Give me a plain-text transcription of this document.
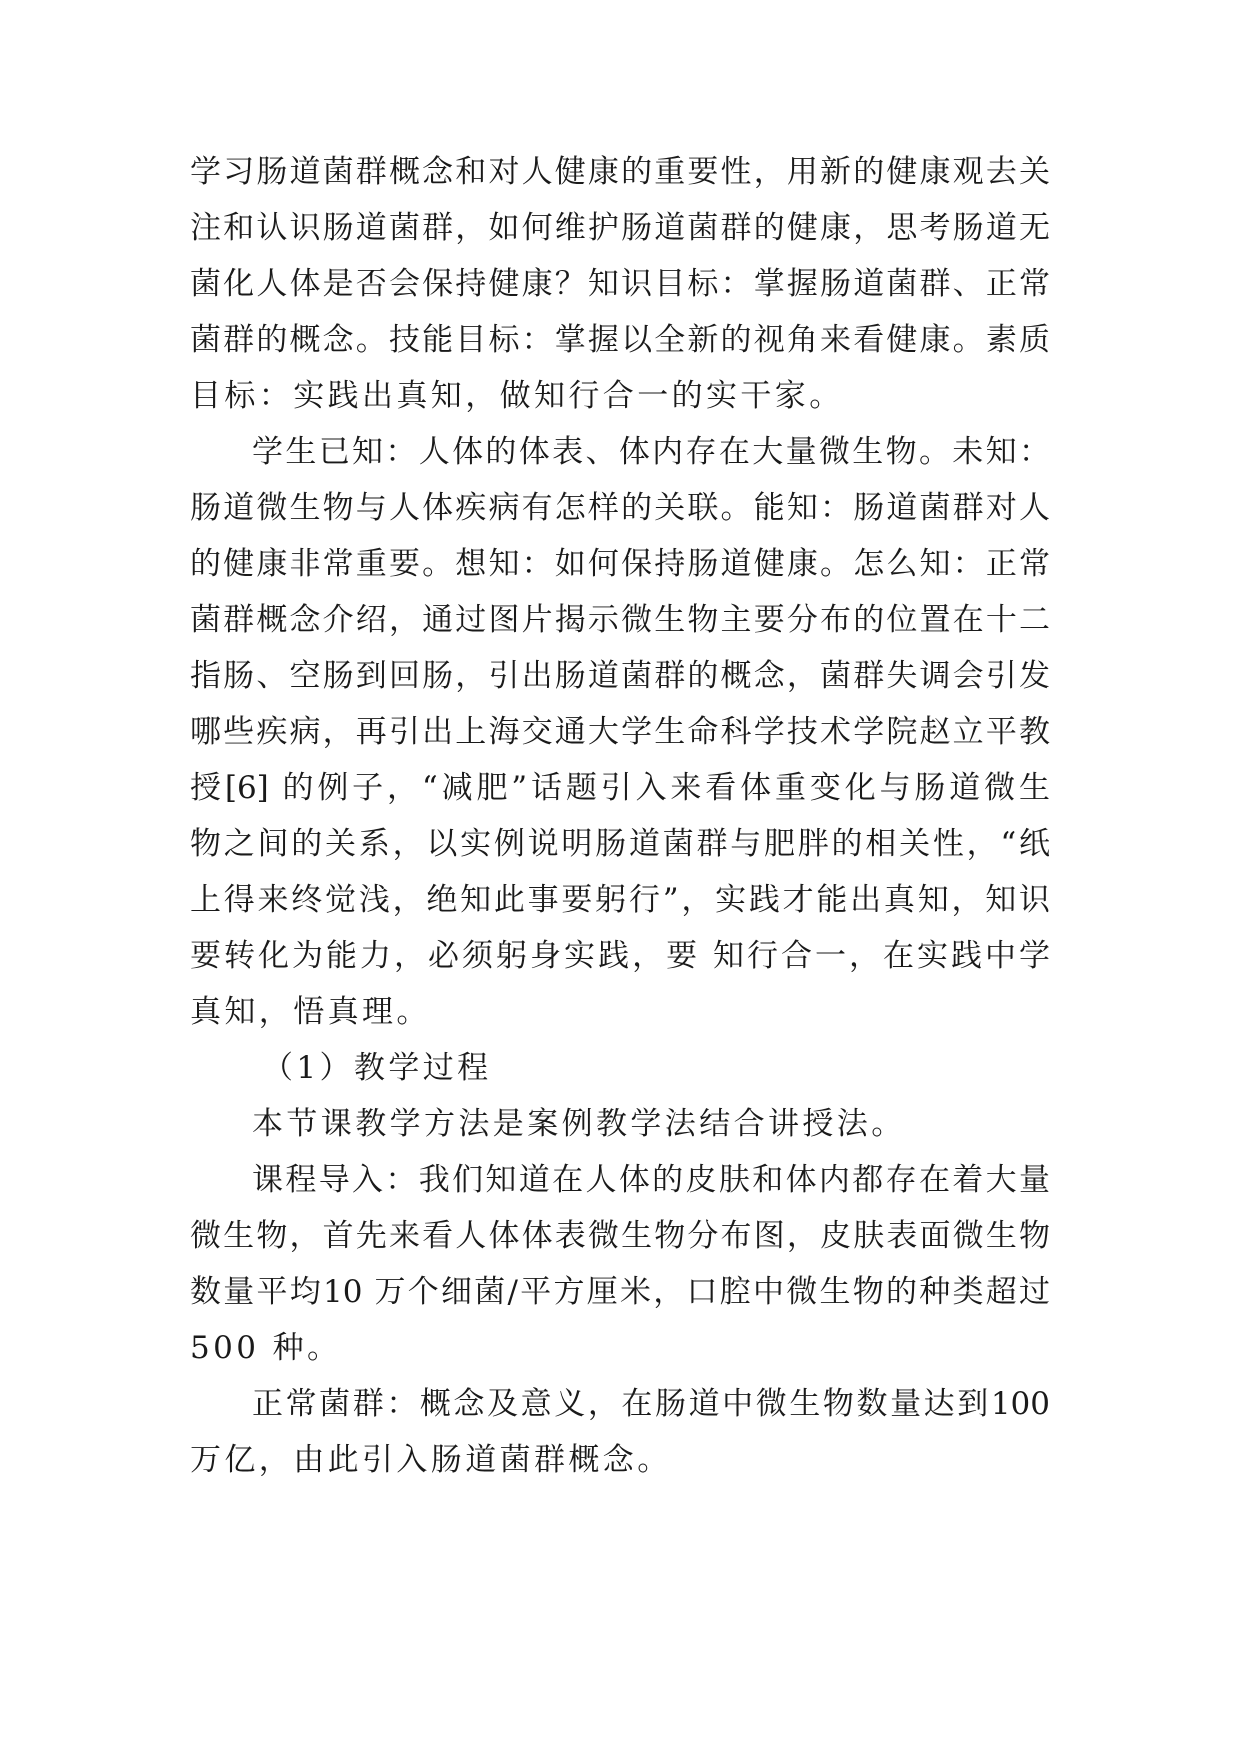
学习肠道菌群概念和对人健康的重要性，用新的健康观去关
注和认识肠道菌群，如何维护肠道菌群的健康，思考肠道无
菌化人体是否会保持健康？知识目标：掌握肠道菌群、正常
菌群的概念。技能目标：掌握以全新的视角来看健康。素质
目标：实践出真知，做知行合一的实干家。
学生已知：人体的体表、体内存在大量微生物。未知：
肠道微生物与人体疾病有怎样的关联。能知：肠道菌群对人
的健康非常重要。想知：如何保持肠道健康。怎么知：正常
菌群概念介绍，通过图片揭示微生物主要分布的位置在十二
指肠、空肠到回肠，引出肠道菌群的概念，菌群失调会引发
哪些疾病，再引出上海交通大学生命科学技术学院赵立平教
授[6] 的例子，“减肥”话题引入来看体重变化与肠道微生
物之间的关系，以实例说明肠道菌群与肥胖的相关性，“纸
上得来终觉浅，绝知此事要躬行”，实践才能出真知，知识
要转化为能力，必须躬身实践，要 知行合一，在实践中学
真知，悟真理。
（1）教学过程
本节课教学方法是案例教学法结合讲授法。
课程导入：我们知道在人体的皮肤和体内都存在着大量
微生物，首先来看人体体表微生物分布图，皮肤表面微生物
数量平均10 万个细菌/平方厘米，口腔中微生物的种类超过
500 种。
正常菌群：概念及意义，在肠道中微生物数量达到100
万亿，由此引入肠道菌群概念。
